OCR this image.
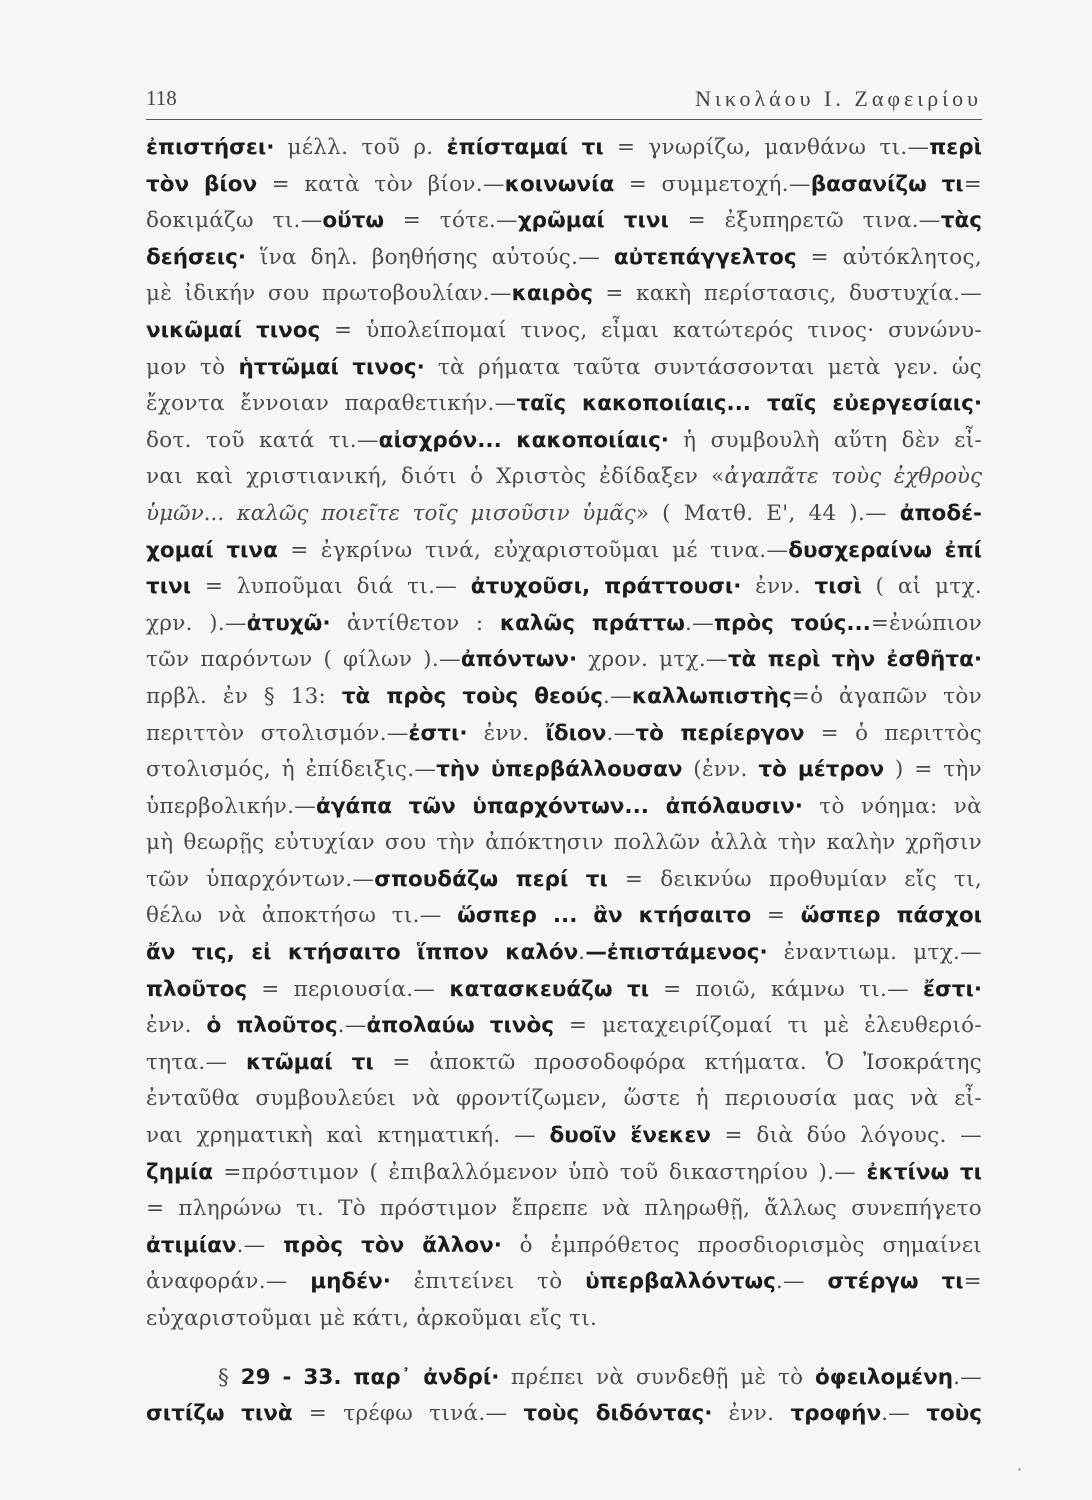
118	Νικολάου Ι. Ζαφειρίου
ἐπιστήσει· μέλλ. τοῦ ρ. ἐπίσταμαί τι = γνωρίζω, μανθάνω τι.—περὶ
τὸν βίον = κατὰ τὸν βίον.—κοινωνία = συμμετοχή.—βασανίζω τι=
δοκιμάζω τι.—οὕτω = τότε.—χρῶμαί τινι = ἐξυπηρετῶ τινα.—τὰς
δεήσεις· ἵνα δηλ. βοηθήσης αὐτούς.— αὐτεπάγγελτος = αὐτόκλητος,
μὲ ἰδικήν σου πρωτοβουλίαν.—καιρὸς = κακὴ περίστασις, δυστυχία.—
νικῶμαί τινος = ὑπολείπομαί τινος, εἶμαι κατώτερός τινος· συνώνυ-
μον τὸ ἡττῶμαί τινος· τὰ ρήματα ταῦτα συντάσσονται μετὰ γεν. ὡς
ἔχοντα ἔννοιαν παραθετικήν.—ταῖς κακοποιίαις... ταῖς εὐεργεσίαις·
δοτ. τοῦ κατά τι.—αἰσχρόν... κακοποιίαις· ἡ συμβουλὴ αὕτη δὲν εἶ-
ναι καὶ χριστιανική, διότι ὁ Χριστὸς ἐδίδαξεν «ἀγαπᾶτε τοὺς ἐχθροὺς
ὑμῶν... καλῶς ποιεῖτε τοῖς μισοῦσιν ὑμᾶς» ( Ματθ. Ε', 44 ).— ἀποδέ-
χομαί τινα = ἐγκρίνω τινά, εὐχαριστοῦμαι μέ τινα.—δυσχεραίνω ἐπί
τινι = λυποῦμαι διά τι.— ἀτυχοῦσι, πράττουσι· ἐνν. τισὶ ( αἱ μτχ.
χρν. ).—ἀτυχῶ· ἀντίθετον : καλῶς πράττω.—πρὸς τούς...=ἐνώπιον
τῶν παρόντων ( φίλων ).—ἀπόντων· χρον. μτχ.—τὰ περὶ τὴν ἐσθῆτα·
πρβλ. ἐν § 13: τὰ πρὸς τοὺς θεούς.—καλλωπιστὴς=ὁ ἀγαπῶν τὸν
περιττὸν στολισμόν.—ἐστι· ἐνν. ἴδιον.—τὸ περίεργον = ὁ περιττὸς
στολισμός, ἡ ἐπίδειξις.—τὴν ὑπερβάλλουσαν (ἐνν. τὸ μέτρον ) = τὴν
ὑπερβολικήν.—ἀγάπα τῶν ὑπαρχόντων... ἀπόλαυσιν· τὸ νόημα: νὰ
μὴ θεωρῇς εὐτυχίαν σου τὴν ἀπόκτησιν πολλῶν ἀλλὰ τὴν καλὴν χρῆσιν
τῶν ὑπαρχόντων.—σπουδάζω περί τι = δεικνύω προθυμίαν εἴς τι,
θέλω νὰ ἀποκτήσω τι.— ὥσπερ ... ἂν κτήσαιτο = ὥσπερ πάσχοι
ἄν τις, εἰ κτήσαιτο ἵππον καλόν.—ἐπιστάμενος· ἐναντιωμ. μτχ.—
πλοῦτος = περιουσία.— κατασκευάζω τι = ποιῶ, κάμνω τι.— ἔστι·
ἐνν. ὁ πλοῦτος.—ἀπολαύω τινὸς = μεταχειρίζομαί τι μὲ ἐλευθεριό-
τητα.— κτῶμαί τι = ἀποκτῶ προσοδοφόρα κτήματα. Ὁ Ἰσοκράτης
ἐνταῦθα συμβουλεύει νὰ φροντίζωμεν, ὥστε ἡ περιουσία μας νὰ εἶ-
ναι χρηματικὴ καὶ κτηματική. — δυοῖν ἕνεκεν = διὰ δύο λόγους. —
ζημία =πρόστιμον ( ἐπιβαλλόμενον ὑπὸ τοῦ δικαστηρίου ).— ἐκτίνω τι
= πληρώνω τι. Τὸ πρόστιμον ἔπρεπε νὰ πληρωθῇ, ἄλλως συνεπήγετο
ἀτιμίαν.— πρὸς τὸν ἄλλον· ὁ ἐμπρόθετος προσδιορισμὸς σημαίνει
ἀναφοράν.— μηδέν· ἐπιτείνει τὸ ὑπερβαλλόντως.— στέργω τι=
εὐχαριστοῦμαι μὲ κάτι, ἀρκοῦμαι εἴς τι.
§ 29 - 33. παρ᾽ ἀνδρί· πρέπει νὰ συνδεθῇ μὲ τὸ ὀφειλομένη.—
σιτίζω τινὰ = τρέφω τινά.— τοὺς διδόντας· ἐνν. τροφήν.— τοὺς
